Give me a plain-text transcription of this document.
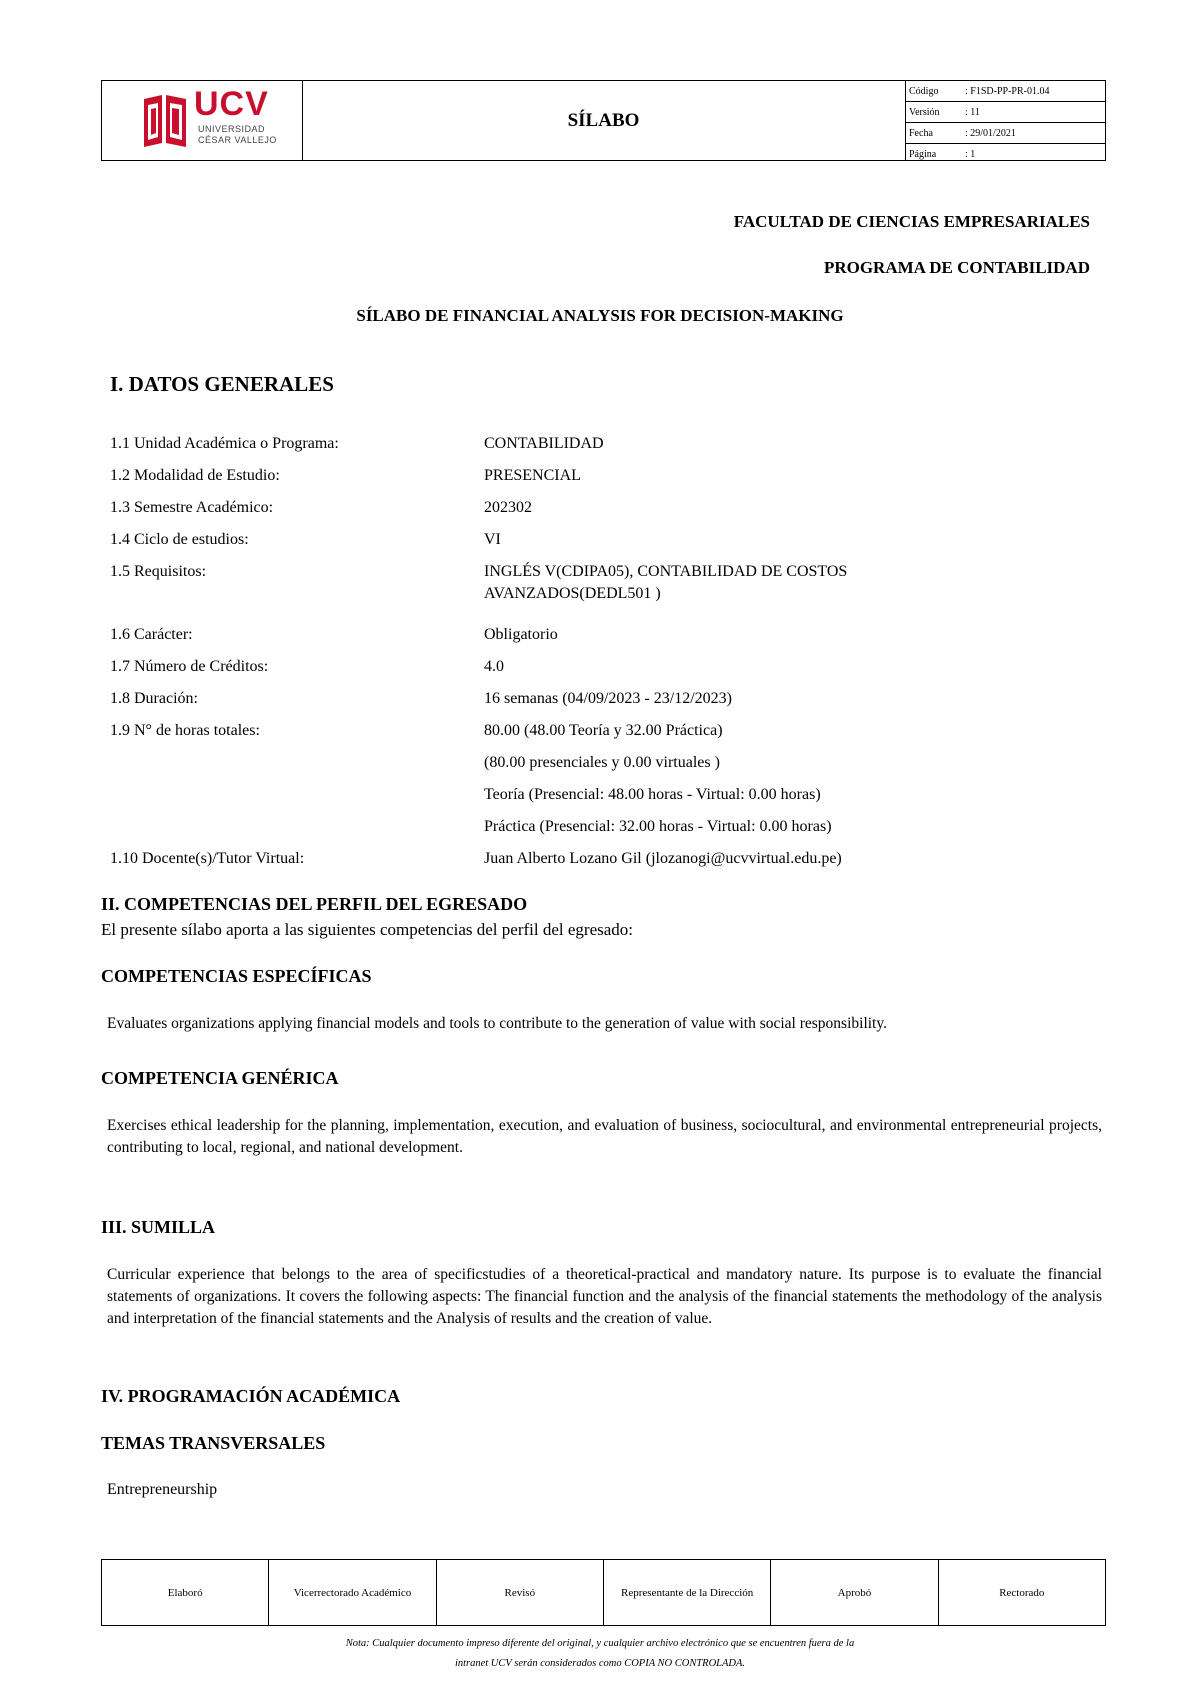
UCV
UNIVERSIDAD
CÉSAR VALLEJO
SÍLABO
Código	: F1SD-PP-PR-01.04
Versión	: 11
Fecha	: 29/01/2021
Página	: 1
FACULTAD DE CIENCIAS EMPRESARIALES
PROGRAMA DE CONTABILIDAD
SÍLABO DE FINANCIAL ANALYSIS FOR DECISION-MAKING
I. DATOS GENERALES
1.1 Unidad Académica o Programa:	CONTABILIDAD
1.2 Modalidad de Estudio:	PRESENCIAL
1.3 Semestre Académico:	202302
1.4 Ciclo de estudios:	VI
1.5 Requisitos:	INGLÉS V(CDIPA05), CONTABILIDAD DE COSTOS
AVANZADOS(DEDL501 )
1.6 Carácter:	Obligatorio
1.7 Número de Créditos:	4.0
1.8 Duración:	16 semanas (04/09/2023 - 23/12/2023)
1.9 N° de horas totales:	80.00 (48.00 Teoría y 32.00 Práctica)
(80.00 presenciales y 0.00 virtuales )
Teoría (Presencial: 48.00 horas - Virtual: 0.00 horas)
Práctica (Presencial: 32.00 horas - Virtual: 0.00 horas)
1.10 Docente(s)/Tutor Virtual:	Juan Alberto Lozano Gil (jlozanogi@ucvvirtual.edu.pe)
II. COMPETENCIAS DEL PERFIL DEL EGRESADO
El presente sílabo aporta a las siguientes competencias del perfil del egresado:
COMPETENCIAS ESPECÍFICAS
Evaluates organizations applying financial models and tools to contribute to the generation of value with social responsibility.
COMPETENCIA GENÉRICA
Exercises ethical leadership for the planning, implementation, execution, and evaluation of business, sociocultural, and environmental entrepreneurial projects, contributing to local, regional, and national development.
III. SUMILLA
Curricular experience that belongs to the area of specificstudies of a theoretical-practical and mandatory nature. Its purpose is to evaluate the financial statements of organizations. It covers the following aspects: The financial function and the analysis of the financial statements the methodology of the analysis and interpretation of the financial statements and the Analysis of results and the creation of value.
IV. PROGRAMACIÓN ACADÉMICA
TEMAS TRANSVERSALES
Entrepreneurship
Elaboró	Vicerrectorado Académico	Revisó	Representante de la Dirección	Aprobó	Rectorado
Nota: Cualquier documento impreso diferente del original, y cualquier archivo electrónico que se encuentren fuera de la
intranet UCV serán considerados como COPIA NO CONTROLADA.
